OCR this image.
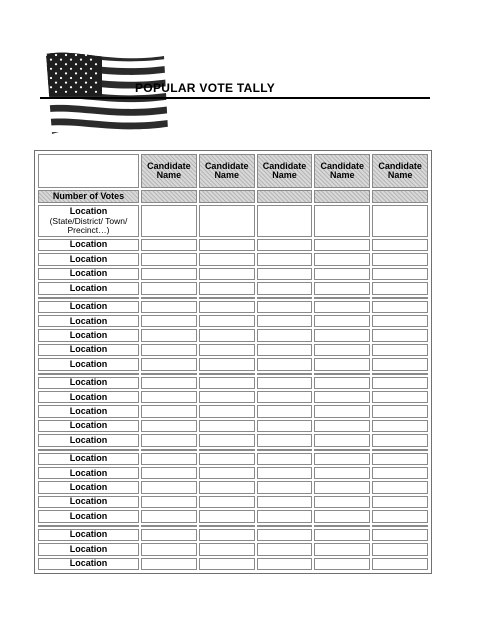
POPULAR VOTE TALLY
	Candidate Name	Candidate Name	Candidate Name	Candidate Name	Candidate Name
Number of Votes					
Location
(State/District/ Town/ Precinct…)					

Location					
Location					
Location					
Location					

Location					
Location					
Location					
Location					
Location					

Location					
Location					
Location					
Location					
Location					

Location					
Location					
Location					
Location					
Location					

Location					
Location					
Location					
